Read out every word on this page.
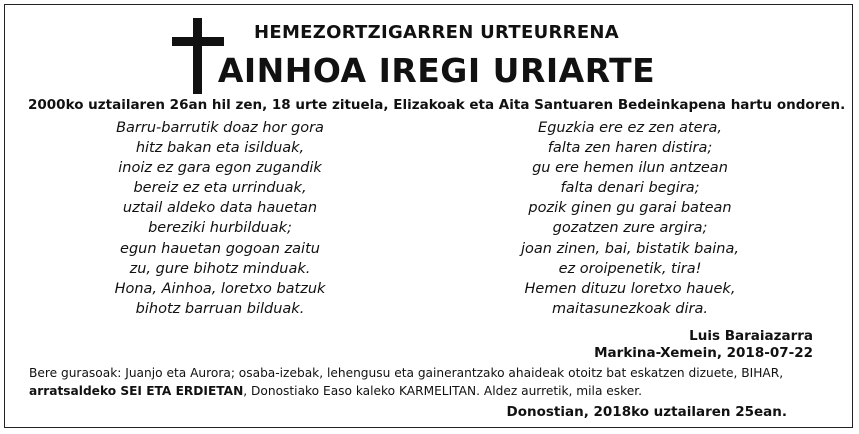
HEMEZORTZIGARREN URTEURRENA
AINHOA IREGI URIARTE
2000ko uztailaren 26an hil zen, 18 urte zituela, Elizakoak eta Aita Santuaren Bedeinkapena hartu ondoren.
Barru-barrutik doaz hor gora
hitz bakan eta isilduak,
inoiz ez gara egon zugandik
bereiz ez eta urrinduak,
uztail aldeko data hauetan
bereziki hurbilduak;
egun hauetan gogoan zaitu
zu, gure bihotz minduak.
Hona, Ainhoa, loretxo batzuk
bihotz barruan bilduak.
Eguzkia ere ez zen atera,
falta zen haren distira;
gu ere hemen ilun antzean
falta denari begira;
pozik ginen gu garai batean
gozatzen zure argira;
joan zinen, bai, bistatik baina,
ez oroipenetik, tira!
Hemen dituzu loretxo hauek,
maitasunezkoak dira.
Luis Baraiazarra
Markina-Xemein, 2018-07-22
Bere gurasoak: Juanjo eta Aurora; osaba-izebak, lehengusu eta gainerantzako ahaideak otoitz bat eskatzen dizuete, BIHAR,
arratsaldeko SEI ETA ERDIETAN, Donostiako Easo kaleko KARMELITAN. Aldez aurretik, mila esker.
Donostian, 2018ko uztailaren 25ean.
